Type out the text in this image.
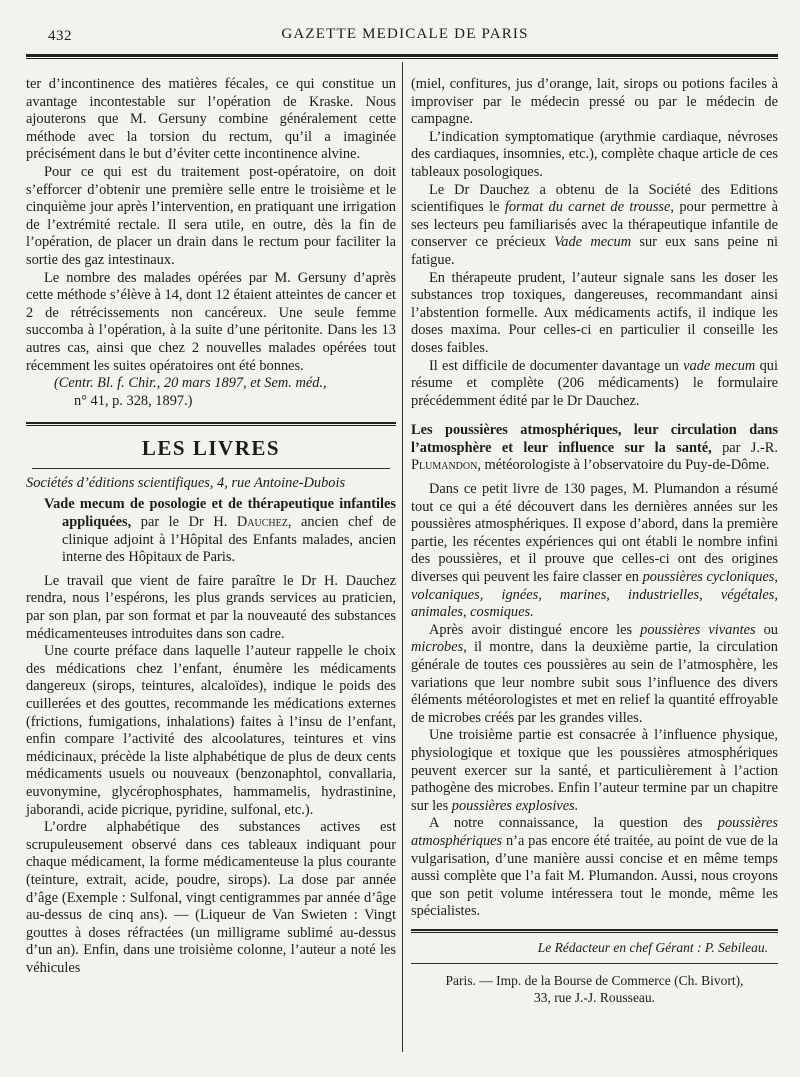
432	GAZETTE MEDICALE DE PARIS

ter d’incontinence des matières fécales, ce qui constitue un avantage incontestable sur l’opération de Kraske. Nous ajouterons que M. Gersuny combine généralement cette méthode avec la torsion du rectum, qu’il a imaginée précisément dans le but d’éviter cette incontinence alvine.

Pour ce qui est du traitement post-opératoire, on doit s’efforcer d’obtenir une première selle entre le troisième et le cinquième jour après l’intervention, en pratiquant une irrigation de l’extrémité rectale. Il sera utile, en outre, dès la fin de l’opération, de placer un drain dans le rectum pour faciliter la sortie des gaz intestinaux.

Le nombre des malades opérées par M. Gersuny d’après cette méthode s’élève à 14, dont 12 étaient atteintes de cancer et 2 de rétrécissements non cancéreux. Une seule femme succomba à l’opération, à la suite d’une péritonite. Dans les 13 autres cas, ainsi que chez 2 nouvelles malades opérées tout récemment les suites opératoires ont été bonnes.

(Centr. Bl. f. Chir., 20 mars 1897, et Sem. méd.,

n° 41, p. 328, 1897.)

LES LIVRES

Sociétés d’éditions scientifiques, 4, rue Antoine-Dubois

Vade mecum de posologie et de thérapeutique infantiles appliquées, par le Dr H. Dauchez, ancien chef de clinique adjoint à l’Hôpital des Enfants malades, ancien interne des Hôpitaux de Paris.

Le travail que vient de faire paraître le Dr H. Dauchez rendra, nous l’espérons, les plus grands services au praticien, par son plan, par son format et par la nouveauté des substances médicamenteuses introduites dans son cadre.

Une courte préface dans laquelle l’auteur rappelle le choix des médications chez l’enfant, énumère les médicaments dangereux (sirops, teintures, alcaloïdes), indique le poids des cuillerées et des gouttes, recommande les médications externes (frictions, fumigations, inhalations) faites à l’insu de l’enfant, enfin compare l’activité des alcoolatures, teintures et vins médicinaux, précède la liste alphabétique de plus de deux cents médicaments usuels ou nouveaux (benzonaphtol, convallaria, euvonymine, glycérophosphates, hammamelis, hydrastinine, jaborandi, acide picrique, pyridine, sulfonal, etc.).

L’ordre alphabétique des substances actives est scrupuleusement observé dans ces tableaux indiquant pour chaque médicament, la forme médicamenteuse la plus courante (teinture, extrait, acide, poudre, sirops). La dose par année d’âge (Exemple : Sulfonal, vingt centigrammes par année d’âge au-dessus de cinq ans). — (Liqueur de Van Swieten : Vingt gouttes à doses réfractées (un milligrame sublimé au-dessus d’un an). Enfin, dans une troisième colonne, l’auteur a noté les véhicules

(miel, confitures, jus d’orange, lait, sirops ou potions faciles à improviser par le médecin pressé ou par le médecin de campagne.

L’indication symptomatique (arythmie cardiaque, névroses des cardiaques, insomnies, etc.), complète chaque article de ces tableaux posologiques.

Le Dr Dauchez a obtenu de la Société des Editions scientifiques le format du carnet de trousse, pour permettre à ses lecteurs peu familiarisés avec la thérapeutique infantile de conserver ce précieux Vade mecum sur eux sans peine ni fatigue.

En thérapeute prudent, l’auteur signale sans les doser les substances trop toxiques, dangereuses, recommandant ainsi l’abstention formelle. Aux médicaments actifs, il indique les doses maxima. Pour celles-ci en particulier il conseille les doses faibles.

Il est difficile de documenter davantage un vade mecum qui résume et complète (206 médicaments) le formulaire précédemment édité par le Dr Dauchez.

Les poussières atmosphériques, leur circulation dans l’atmosphère et leur influence sur la santé, par J.-R. Plumandon, météorologiste à l’observatoire du Puy-de-Dôme.

Dans ce petit livre de 130 pages, M. Plumandon a résumé tout ce qui a été découvert dans les dernières années sur les poussières atmosphériques. Il expose d’abord, dans la première partie, les récentes expériences qui ont établi le nombre infini des poussières, et il prouve que celles-ci ont des origines diverses qui peuvent les faire classer en poussières cycloniques, volcaniques, ignées, marines, industrielles, végétales, animales, cosmiques.

Après avoir distingué encore les poussières vivantes ou microbes, il montre, dans la deuxième partie, la circulation générale de toutes ces poussières au sein de l’atmosphère, les variations que leur nombre subit sous l’influence des divers éléments météorologistes et met en relief la quantité effroyable de microbes créés par les grandes villes.

Une troisième partie est consacrée à l’influence physique, physiologique et toxique que les poussières atmosphériques peuvent exercer sur la santé, et particulièrement à l’action pathogène des microbes. Enfin l’auteur termine par un chapitre sur les poussières explosives.

A notre connaissance, la question des poussières atmosphériques n’a pas encore été traitée, au point de vue de la vulgarisation, d’une manière aussi concise et en même temps aussi complète que l’a fait M. Plumandon. Aussi, nous croyons que son petit volume intéressera tout le monde, même les spécialistes.

Le Rédacteur en chef Gérant : P. Sebileau.

Paris. — Imp. de la Bourse de Commerce (Ch. Bivort),

33, rue J.-J. Rousseau.
